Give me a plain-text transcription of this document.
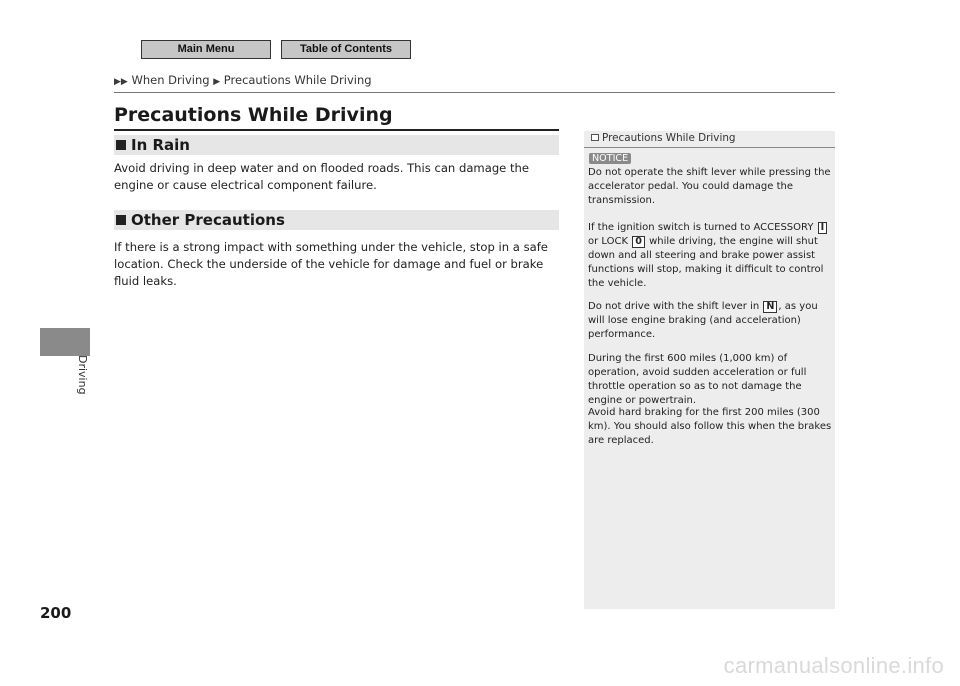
Main Menu	Table of Contents
▶▶ When Driving ▶ Precautions While Driving
Precautions While Driving
In Rain
Avoid driving in deep water and on flooded roads. This can damage the engine or cause electrical component failure.
Other Precautions
If there is a strong impact with something under the vehicle, stop in a safe location. Check the underside of the vehicle for damage and fuel or brake fluid leaks.
Driving
200
Precautions While Driving
NOTICE
Do not operate the shift lever while pressing the accelerator pedal. You could damage the transmission.
If the ignition switch is turned to ACCESSORY I or LOCK 0 while driving, the engine will shut down and all steering and brake power assist functions will stop, making it difficult to control the vehicle.
Do not drive with the shift lever in N , as you will lose engine braking (and acceleration) performance.
During the first 600 miles (1,000 km) of operation, avoid sudden acceleration or full throttle operation so as to not damage the engine or powertrain.
Avoid hard braking for the first 200 miles (300 km). You should also follow this when the brakes are replaced.
carmanualsonline.info
